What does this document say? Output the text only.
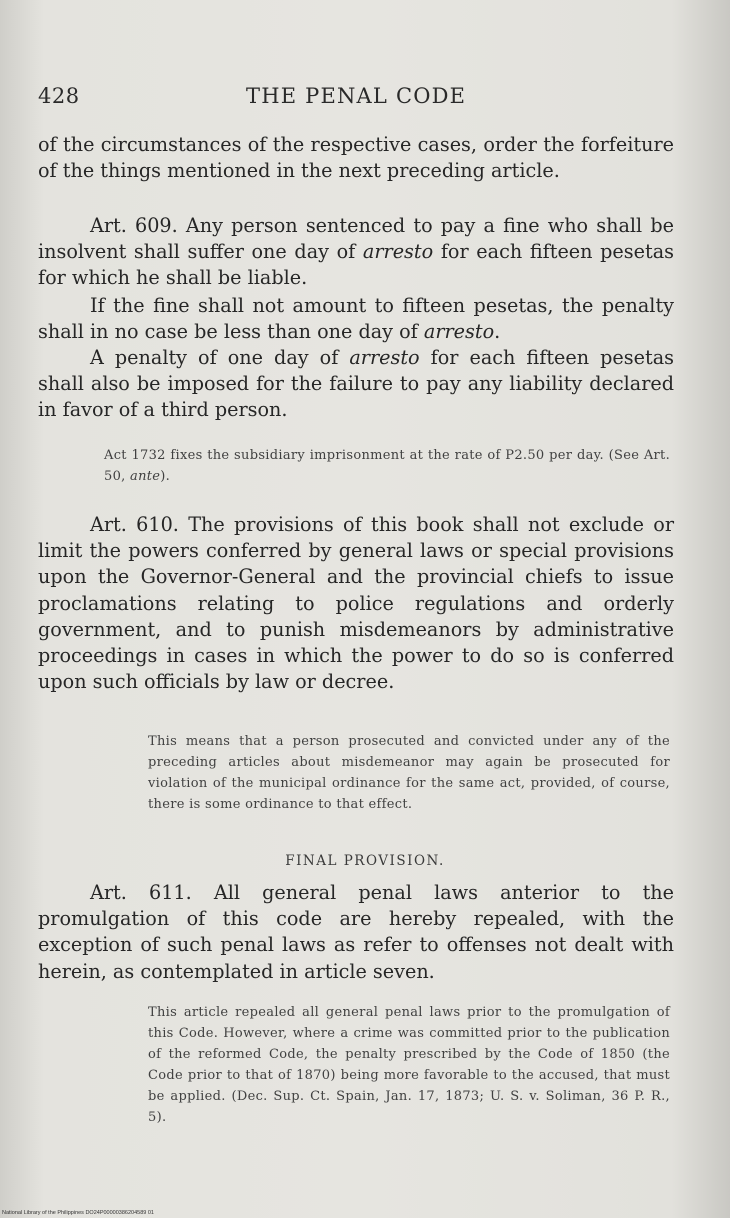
428	THE PENAL CODE

of the circumstances of the respective cases, order the forfeiture of the things mentioned in the next preceding article.

Art. 609. Any person sentenced to pay a fine who shall be insolvent shall suffer one day of arresto for each fifteen pesetas for which he shall be liable.

If the fine shall not amount to fifteen pesetas, the penalty shall in no case be less than one day of arresto.

A penalty of one day of arresto for each fifteen pesetas shall also be imposed for the failure to pay any liability declared in favor of a third person.

Act 1732 fixes the subsidiary imprisonment at the rate of P2.50 per day. (See Art. 50, ante).

Art. 610. The provisions of this book shall not exclude or limit the powers conferred by general laws or special provisions upon the Governor-General and the provincial chiefs to issue proclamations relating to police regulations and orderly government, and to punish misdemeanors by administrative proceedings in cases in which the power to do so is conferred upon such officials by law or decree.

This means that a person prosecuted and convicted under any of the preceding articles about misdemeanor may again be prosecuted for violation of the municipal ordinance for the same act, provided, of course, there is some ordinance to that effect.

FINAL PROVISION.

Art. 611. All general penal laws anterior to the promulgation of this code are hereby repealed, with the exception of such penal laws as refer to offenses not dealt with herein, as contemplated in article seven.

This article repealed all general penal laws prior to the promulgation of this Code. However, where a crime was committed prior to the publication of the reformed Code, the penalty prescribed by the Code of 1850 (the Code prior to that of 1870) being more favorable to the accused, that must be applied. (Dec. Sup. Ct. Spain, Jan. 17, 1873; U. S. v. Soliman, 36 P. R., 5).

National Library of the Philippines DO24P00000386204589 01
